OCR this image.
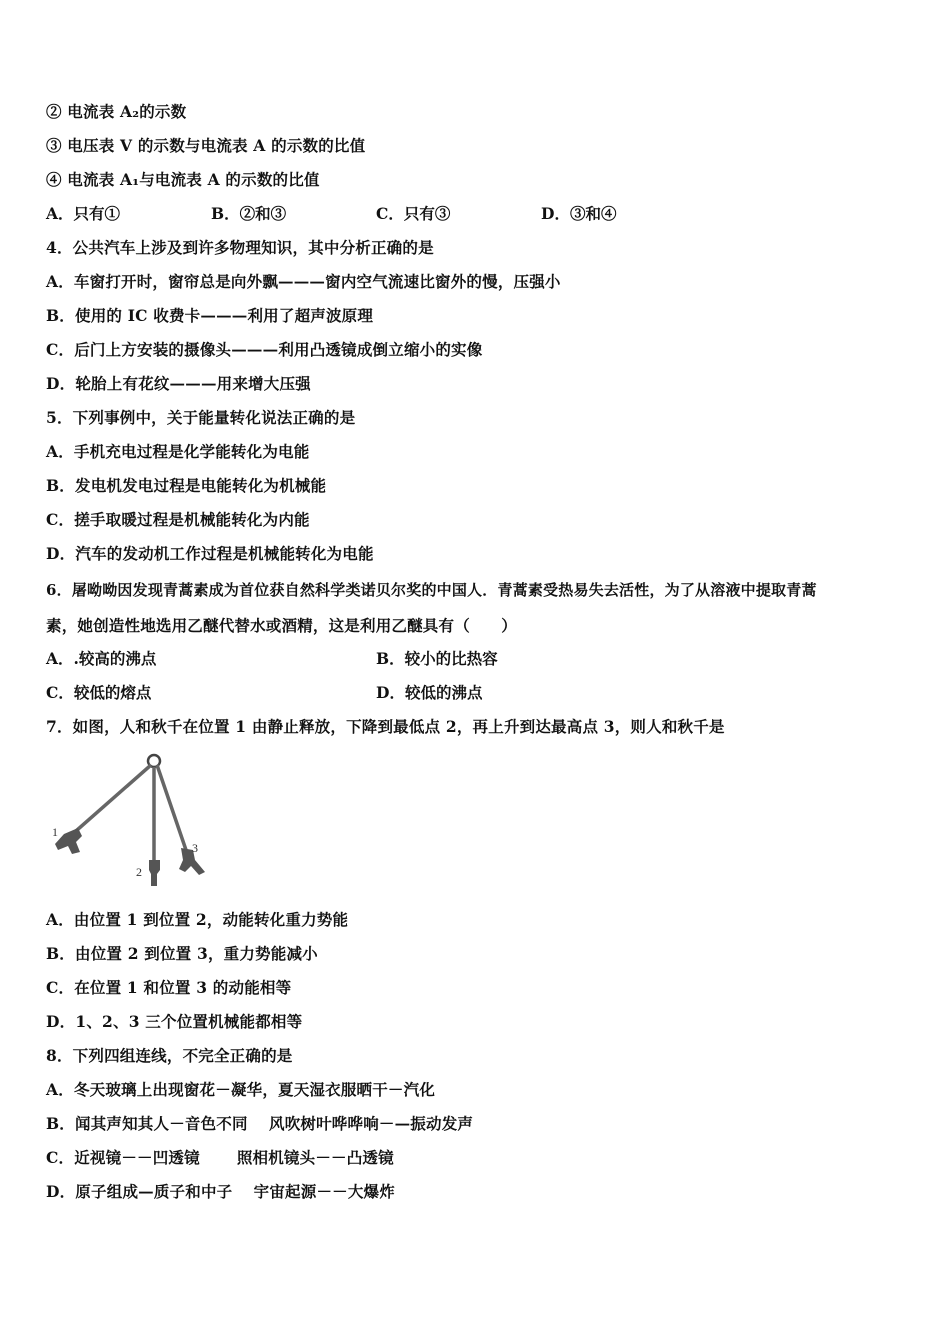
② 电流表 A₂的示数
③ 电压表 V 的示数与电流表 A 的示数的比值
④ 电流表 A₁与电流表 A 的示数的比值
A．只有①	B．②和③	C．只有③	D．③和④
4．公共汽车上涉及到许多物理知识，其中分析正确的是
A．车窗打开时，窗帘总是向外飘———窗内空气流速比窗外的慢，压强小
B．使用的 IC 收费卡———利用了超声波原理
C．后门上方安装的摄像头———利用凸透镜成倒立缩小的实像
D．轮胎上有花纹———用来增大压强
5．下列事例中，关于能量转化说法正确的是
A．手机充电过程是化学能转化为电能
B．发电机发电过程是电能转化为机械能
C．搓手取暖过程是机械能转化为内能
D．汽车的发动机工作过程是机械能转化为电能
6．屠呦呦因发现青蒿素成为首位获自然科学类诺贝尔奖的中国人．青蒿素受热易失去活性，为了从溶液中提取青蒿
素，她创造性地选用乙醚代替水或酒精，这是利用乙醚具有（　　）
A．.较高的沸点	B．较小的比热容
C．较低的熔点	D．较低的沸点
7．如图，人和秋千在位置 1 由静止释放，下降到最低点 2，再上升到达最高点 3，则人和秋千是
1
2
3
A．由位置 1 到位置 2，动能转化重力势能
B．由位置 2 到位置 3，重力势能减小
C．在位置 1 和位置 3 的动能相等
D．1、2、3 三个位置机械能都相等
8．下列四组连线，不完全正确的是
A．冬天玻璃上出现窗花－凝华，夏天湿衣服晒干－汽化
B．闻其声知其人－音色不同　 风吹树叶哗哗响－—振动发声
C．近视镜－－凹透镜　　 照相机镜头－－凸透镜
D．原子组成—质子和中子　 宇宙起源－－大爆炸
